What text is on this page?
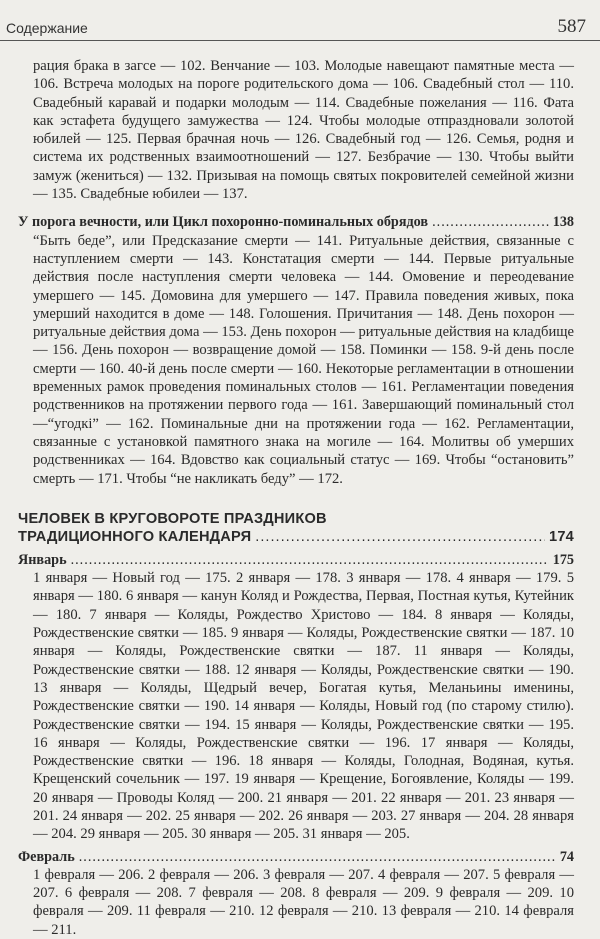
Содержание	587
рация брака в загсе — 102. Венчание — 103. Молодые навещают памятные места — 106. Встреча молодых на пороге родительского дома — 106. Свадебный стол — 110. Свадебный каравай и подарки молодым — 114. Свадебные пожелания — 116. Фата как эстафета будущего замужества — 124. Чтобы молодые отпраздновали золотой юбилей — 125. Первая брачная ночь — 126. Свадебный год — 126. Семья, родня и система их родственных взаимоотношений — 127. Безбрачие — 130. Чтобы выйти замуж (жениться) — 132. Призывая на помощь святых покровителей семейной жизни — 135. Свадебные юбилеи — 137.
У порога вечности, или Цикл похоронно-поминальных обрядов .....	138
“Быть беде”, или Предсказание смерти — 141. Ритуальные действия, связанные с наступлением смерти — 143. Констатация смерти — 144. Первые ритуальные действия после наступления смерти человека — 144. Омовение и переодевание умершего — 145. Домовина для умершего — 147. Правила поведения живых, пока умерший находится в доме — 148. Голошения. Причитания — 148. День похорон — ритуальные действия дома — 153. День похорон — ритуальные действия на кладбище — 156. День похорон — возвращение домой — 158. Поминки — 158. 9-й день после смерти — 160. 40-й день после смерти — 160. Некоторые регламентации в отношении временных рамок проведения поминальных столов — 161. Регламентации поведения родственников на протяжении первого года — 161. Завершающий поминальный стол—“угодкі” — 162. Поминальные дни на протяжении года — 162. Регламентации, связанные с установкой памятного знака на могиле — 164. Молитвы об умерших родственниках — 164. Вдовство как социальный статус — 169. Чтобы “остановить” смерть — 171. Чтобы “не накликать беду” — 172.
ЧЕЛОВЕК В КРУГОВОРОТЕ ПРАЗДНИКОВ
ТРАДИЦИОННОГО КАЛЕНДАРЯ .....	174
Январь .....	175
1 января — Новый год — 175. 2 января — 178. 3 января — 178. 4 января — 179. 5 января — 180. 6 января — канун Коляд и Рождества, Первая, Постная кутья, Кутейник — 180. 7 января — Коляды, Рождество Христово — 184. 8 января — Коляды, Рождественские святки — 185. 9 января — Коляды, Рождественские святки — 187. 10 января — Коляды, Рождественские святки — 187. 11 января — Коляды, Рождественские святки — 188. 12 января — Коляды, Рождественские святки — 190. 13 января — Коляды, Щедрый вечер, Богатая кутья, Меланьины именины, Рождественские святки — 190. 14 января — Коляды, Новый год (по старому стилю). Рождественские святки — 194. 15 января — Коляды, Рождественские святки — 195. 16 января — Коляды, Рождественские святки — 196. 17 января — Коляды, Рождественские святки — 196. 18 января — Коляды, Голодная, Водяная, кутья. Крещенский сочельник — 197. 19 января — Крещение, Богоявление, Коляды — 199. 20 января — Проводы Коляд — 200. 21 января — 201. 22 января — 201. 23 января — 201. 24 января — 202. 25 января — 202. 26 января — 203. 27 января — 204. 28 января — 204. 29 января — 205. 30 января — 205. 31 января — 205.
Февраль .....	74
1 февраля — 206. 2 февраля — 206. 3 февраля — 207. 4 февраля — 207. 5 февраля — 207. 6 февраля — 208. 7 февраля — 208. 8 февраля — 209. 9 февраля — 209. 10 февраля — 209. 11 февраля — 210. 12 февраля — 210. 13 февраля — 210. 14 февраля — 211.
